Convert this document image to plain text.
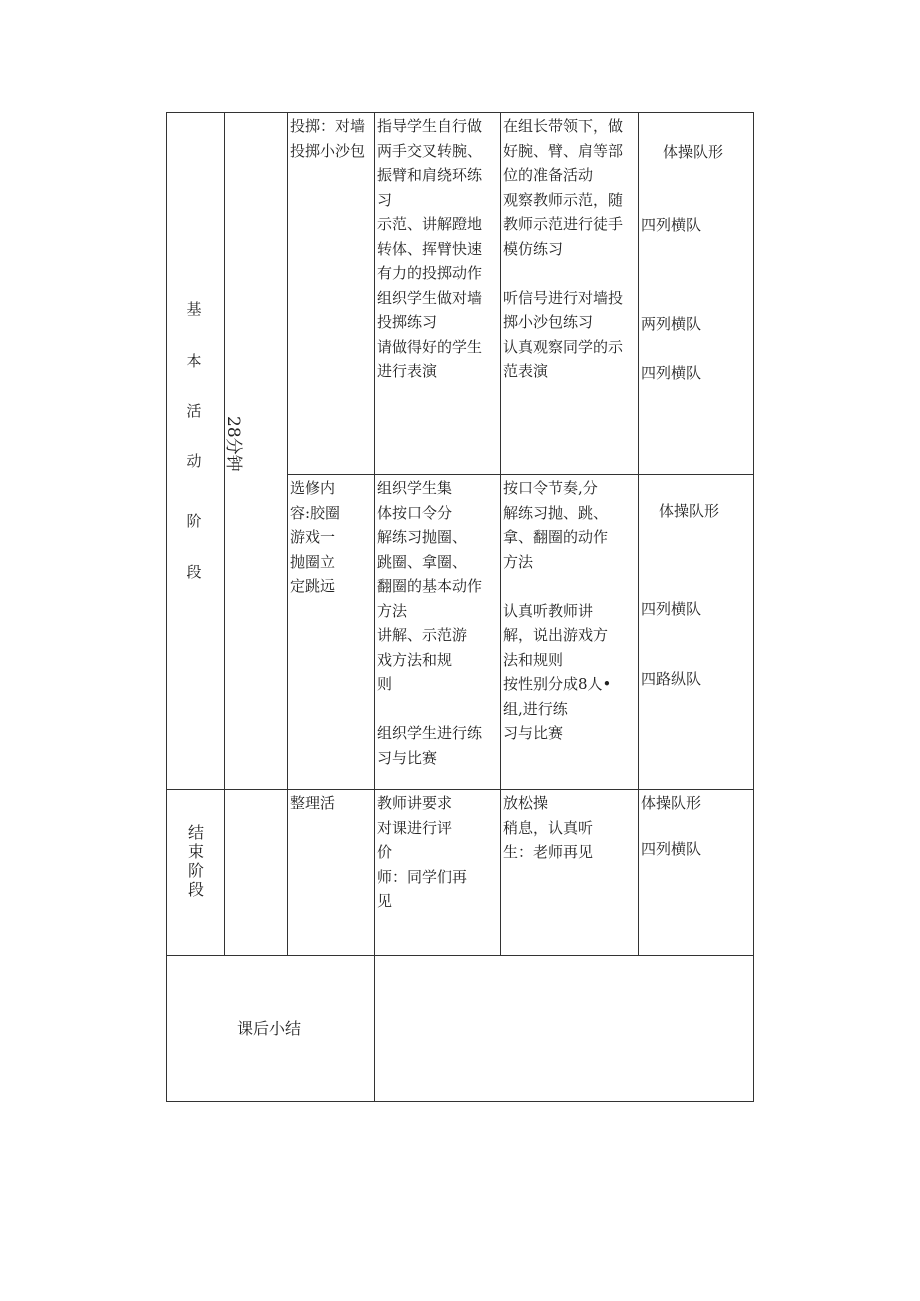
基
本
活
动
阶
段
28分钟
投掷：对墙
投掷小沙包
指导学生自行做
两手交叉转腕、
振臂和肩绕环练
习
示范、讲解蹬地
转体、挥臂快速
有力的投掷动作
组织学生做对墙
投掷练习
请做得好的学生
进行表演
在组长带领下，做
好腕、臂、肩等部
位的准备活动
观察教师示范，随
教师示范进行徒手
模仿练习
听信号进行对墙投
掷小沙包练习
认真观察同学的示
范表演
体操队形
四列横队
两列横队
四列横队
选修内
容:胶圈
游戏一
抛圈立
定跳远
组织学生集
体按口令分
解练习抛圈、
跳圈、拿圈、
翻圈的基本动作
方法
讲解、示范游
戏方法和规
则
组织学生进行练
习与比赛
按口令节奏,分
解练习抛、跳、
拿、翻圈的动作
方法
认真听教师讲
解，说出游戏方
法和规则
按性别分成8人•
组,进行练
习与比赛
体操队形
四列横队
四路纵队
结
束
阶
段
整理活	教师讲要求
对课进行评
价
师：同学们再
见
放松操
稍息，认真听
生：老师再见
体操队形
四列横队
课后小结
